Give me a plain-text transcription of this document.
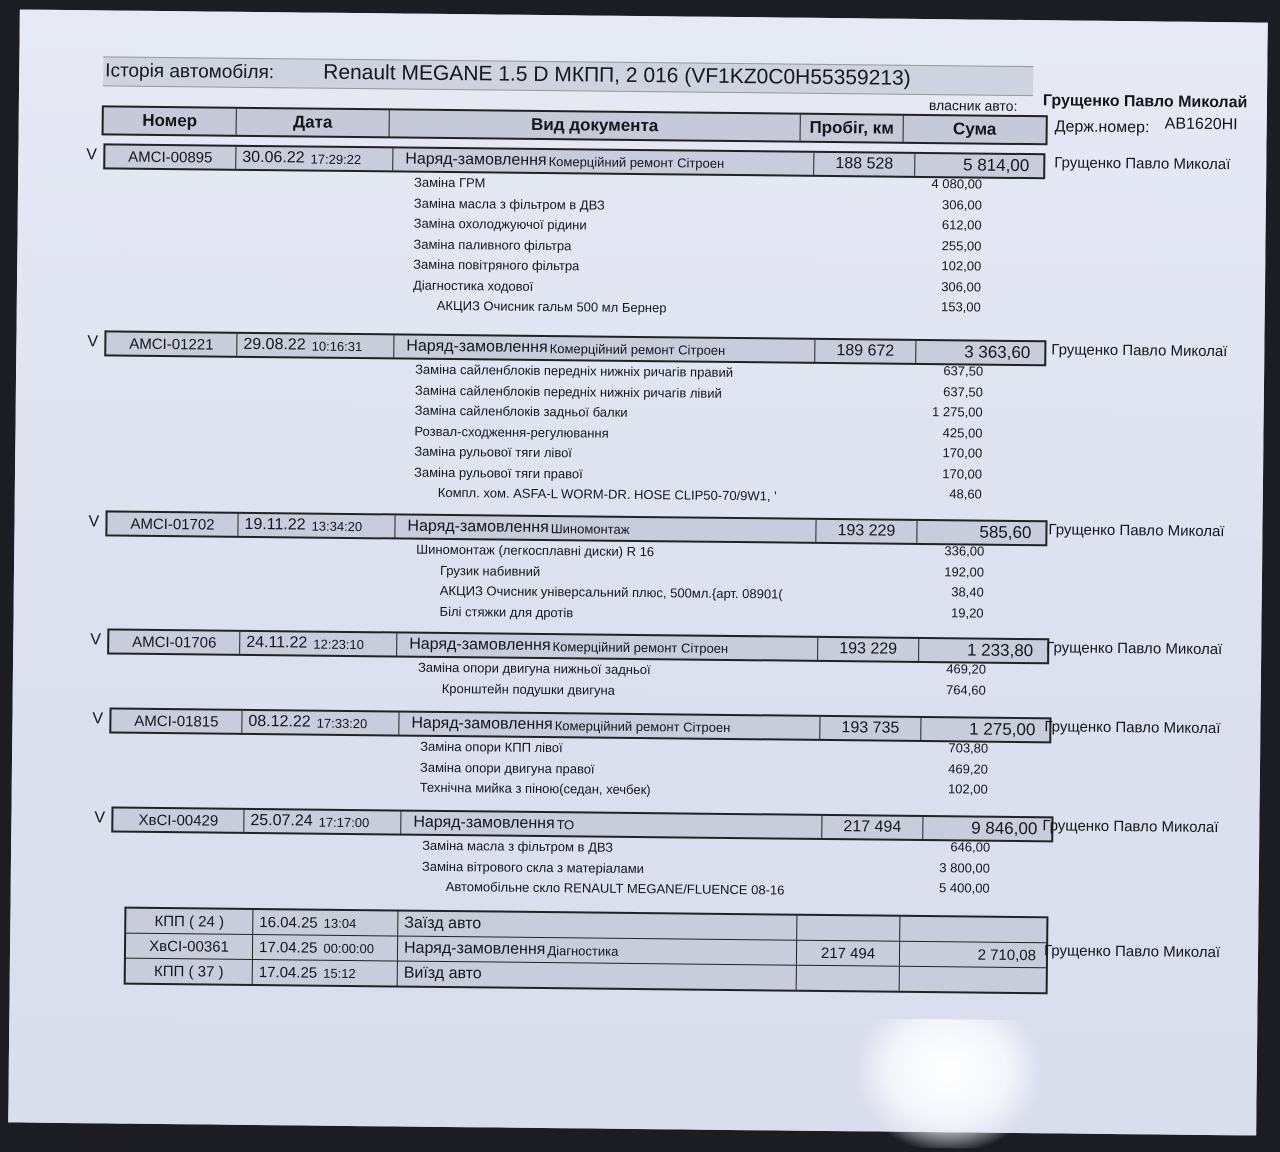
Історія автомобіля: Renault MEGANE 1.5 D МКПП, 2 016 (VF1KZ0C0H55359213)
власник авто: Грущенко Павло Миколай
Держ.номер: АВ1620НІ
Номер	Дата	Вид документа	Пробіг, км	Сума
V	АМСІ-00895	30.06.22 17:29:22	Наряд-замовлення Комерційний ремонт Сітроен	188 528	5 814,00	Грущенко Павло Миколаї
Заміна ГРМ	4 080,00
Заміна масла з фільтром в ДВЗ	306,00
Заміна охолоджуючої рідини	612,00
Заміна паливного фільтра	255,00
Заміна повітряного фільтра	102,00
Діагностика ходової	306,00
АКЦИЗ Очисник гальм 500 мл Бернер	153,00
V	АМСІ-01221	29.08.22 10:16:31	Наряд-замовлення Комерційний ремонт Сітроен	189 672	3 363,60	Грущенко Павло Миколаї
Заміна сайленблоків передніх нижніх ричагів правий	637,50
Заміна сайленблоків передніх нижніх ричагів лівий	637,50
Заміна сайленблоків задньої балки	1 275,00
Розвал-сходження-регулювання	425,00
Заміна рульової тяги лівої	170,00
Заміна рульової тяги правої	170,00
Компл. хом. ASFA-L WORM-DR. HOSE CLIP50-70/9W1, '	48,60
V	АМСІ-01702	19.11.22 13:34:20	Наряд-замовлення Шиномонтаж	193 229	585,60	Грущенко Павло Миколаї
Шиномонтаж (легкосплавні диски) R 16	336,00
Грузик набивний	192,00
АКЦИЗ Очисник універсальний плюс, 500мл.{арт. 08901(	38,40
Білі стяжки для дротів	19,20
V	АМСІ-01706	24.11.22 12:23:10	Наряд-замовлення Комерційний ремонт Сітроен	193 229	1 233,80 Грущенко Павло Миколаї
Заміна опори двигуна нижньої задньої	469,20
Кронштейн подушки двигуна	764,60
V	АМСІ-01815	08.12.22 17:33:20	Наряд-замовлення Комерційний ремонт Сітроен	193 735	1 275,00 Грущенко Павло Миколаї
Заміна опори КПП лівої	703,80
Заміна опори двигуна правої	469,20
Технічна мийка з піною(седан, хечбек)	102,00
V	ХвСІ-00429	25.07.24 17:17:00	Наряд-замовлення ТО	217 494	9 846,00 Грущенко Павло Миколаї
Заміна масла з фільтром в ДВЗ	646,00
Заміна вітрового скла з матеріалами	3 800,00
Автомобільне скло RENAULT MEGANE/FLUENCE 08-16	5 400,00
КПП ( 24 )	16.04.25 13:04	Заїзд авто
ХвСІ-00361	17.04.25 00:00:00 Наряд-замовлення Діагностика	217 494	2 710,08
КПП ( 37 )	17.04.25 15:12	Виїзд авто
Грущенко Павло Миколаї
